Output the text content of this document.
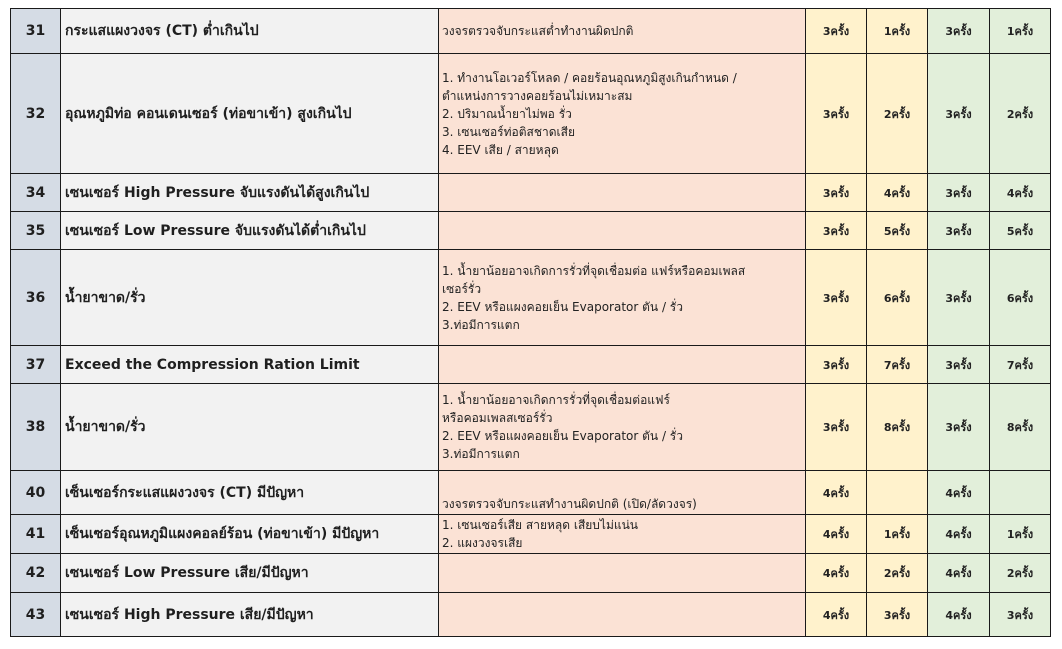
31	กระแสแผงวงจร (CT) ต่ำเกินไป	วงจรตรวจจับกระแสต่ำทำงานผิดปกติ	3ครั้ง	1ครั้ง	3ครั้ง	1ครั้ง
32	อุณหภูมิท่อ คอนเดนเซอร์ (ท่อขาเข้า) สูงเกินไป	1. ทำงานโอเวอร์โหลด / คอยร้อนอุณหภูมิสูงเกินกำหนด /
ตำแหน่งการวางคอยร้อนไม่เหมาะสม
2. ปริมาณน้ำยาไม่พอ รั่ว
3. เซนเซอร์ท่อติสชาดเสีย
4. EEV เสีย / สายหลุด	3ครั้ง	2ครั้ง	3ครั้ง	2ครั้ง
34	เซนเซอร์ High Pressure จับแรงดันได้สูงเกินไป		3ครั้ง	4ครั้ง	3ครั้ง	4ครั้ง
35	เซนเซอร์ Low Pressure จับแรงดันได้ต่ำเกินไป		3ครั้ง	5ครั้ง	3ครั้ง	5ครั้ง
36	น้ำยาขาด/รั่ว	1. น้ำยาน้อยอาจเกิดการรั่วที่จุดเชื่อมต่อ แฟร์หรือคอมเพลส
เซอร์รั่ว
2. EEV หรือแผงคอยเย็น Evaporator ตัน / รั่ว
3.ท่อมีการแตก	3ครั้ง	6ครั้ง	3ครั้ง	6ครั้ง
37	Exceed the Compression Ration Limit		3ครั้ง	7ครั้ง	3ครั้ง	7ครั้ง
38	น้ำยาขาด/รั่ว	1. น้ำยาน้อยอาจเกิดการรั่วที่จุดเชื่อมต่อแฟร์
หรือคอมเพลสเซอร์รั่ว
2. EEV หรือแผงคอยเย็น Evaporator ตัน / รั่ว
3.ท่อมีการแตก	3ครั้ง	8ครั้ง	3ครั้ง	8ครั้ง
40	เซ็นเซอร์กระแสแผงวงจร (CT) มีปัญหา	วงจรตรวจจับกระแสทำงานผิดปกติ (เปิด/ลัดวงจร)	4ครั้ง		4ครั้ง	
41	เซ็นเซอร์อุณหภูมิแผงคอลย์ร้อน (ท่อขาเข้า) มีปัญหา	1. เซนเซอร์เสีย สายหลุด เสียบไม่แน่น
2. แผงวงจรเสีย	4ครั้ง	1ครั้ง	4ครั้ง	1ครั้ง
42	เซนเซอร์ Low Pressure เสีย/มีปัญหา		4ครั้ง	2ครั้ง	4ครั้ง	2ครั้ง
43	เซนเซอร์ High Pressure เสีย/มีปัญหา		4ครั้ง	3ครั้ง	4ครั้ง	3ครั้ง
